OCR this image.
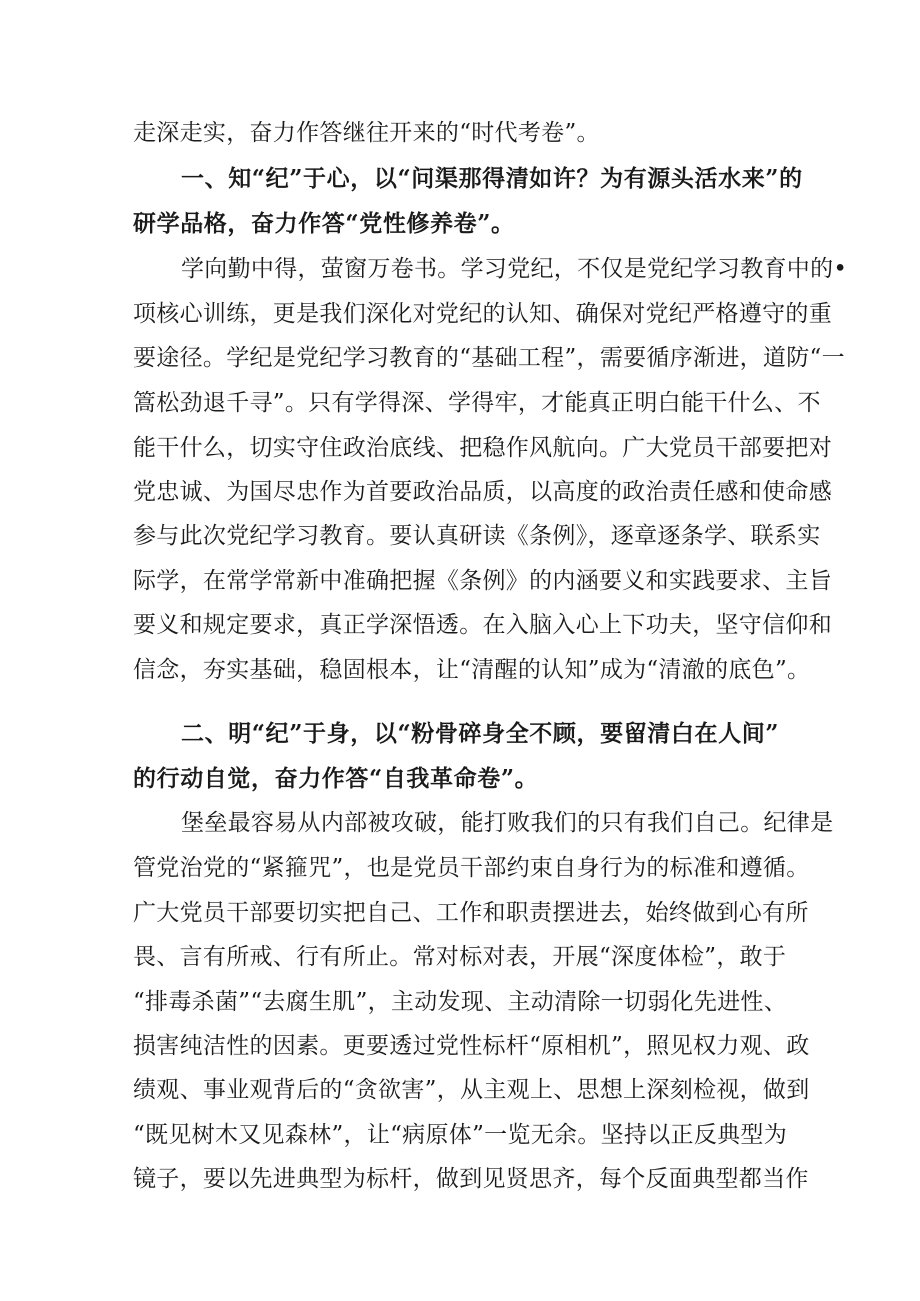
走深走实，奋力作答继往开来的“时代考卷”。
一、知“纪”于心，以“问渠那得清如许？为有源头活水来”的
研学品格，奋力作答“党性修养卷”。
学向勤中得，萤窗万卷书。学习党纪，不仅是党纪学习教育中的•
项核心训练，更是我们深化对党纪的认知、确保对党纪严格遵守的重
要途径。学纪是党纪学习教育的“基础工程”，需要循序渐进，道防“一
篙松劲退千寻”。只有学得深、学得牢，才能真正明白能干什么、不
能干什么，切实守住政治底线、把稳作风航向。广大党员干部要把对
党忠诚、为国尽忠作为首要政治品质，以高度的政治责任感和使命感
参与此次党纪学习教育。要认真研读《条例》，逐章逐条学、联系实
际学，在常学常新中准确把握《条例》的内涵要义和实践要求、主旨
要义和规定要求，真正学深悟透。在入脑入心上下功夫，坚守信仰和
信念，夯实基础，稳固根本，让“清醒的认知”成为“清澈的底色”。
二、明“纪”于身，以“粉骨碎身全不顾，要留清白在人间”
的行动自觉，奋力作答“自我革命卷”。
堡垒最容易从内部被攻破，能打败我们的只有我们自己。纪律是
管党治党的“紧箍咒”，也是党员干部约束自身行为的标准和遵循。
广大党员干部要切实把自己、工作和职责摆进去，始终做到心有所
畏、言有所戒、行有所止。常对标对表，开展“深度体检”，敢于
“排毒杀菌”“去腐生肌”，主动发现、主动清除一切弱化先进性、
损害纯洁性的因素。更要透过党性标杆“原相机”，照见权力观、政
绩观、事业观背后的“贪欲害”，从主观上、思想上深刻检视，做到
“既见树木又见森林”，让“病原体”一览无余。坚持以正反典型为
镜子，要以先进典型为标杆，做到见贤思齐，每个反面典型都当作
